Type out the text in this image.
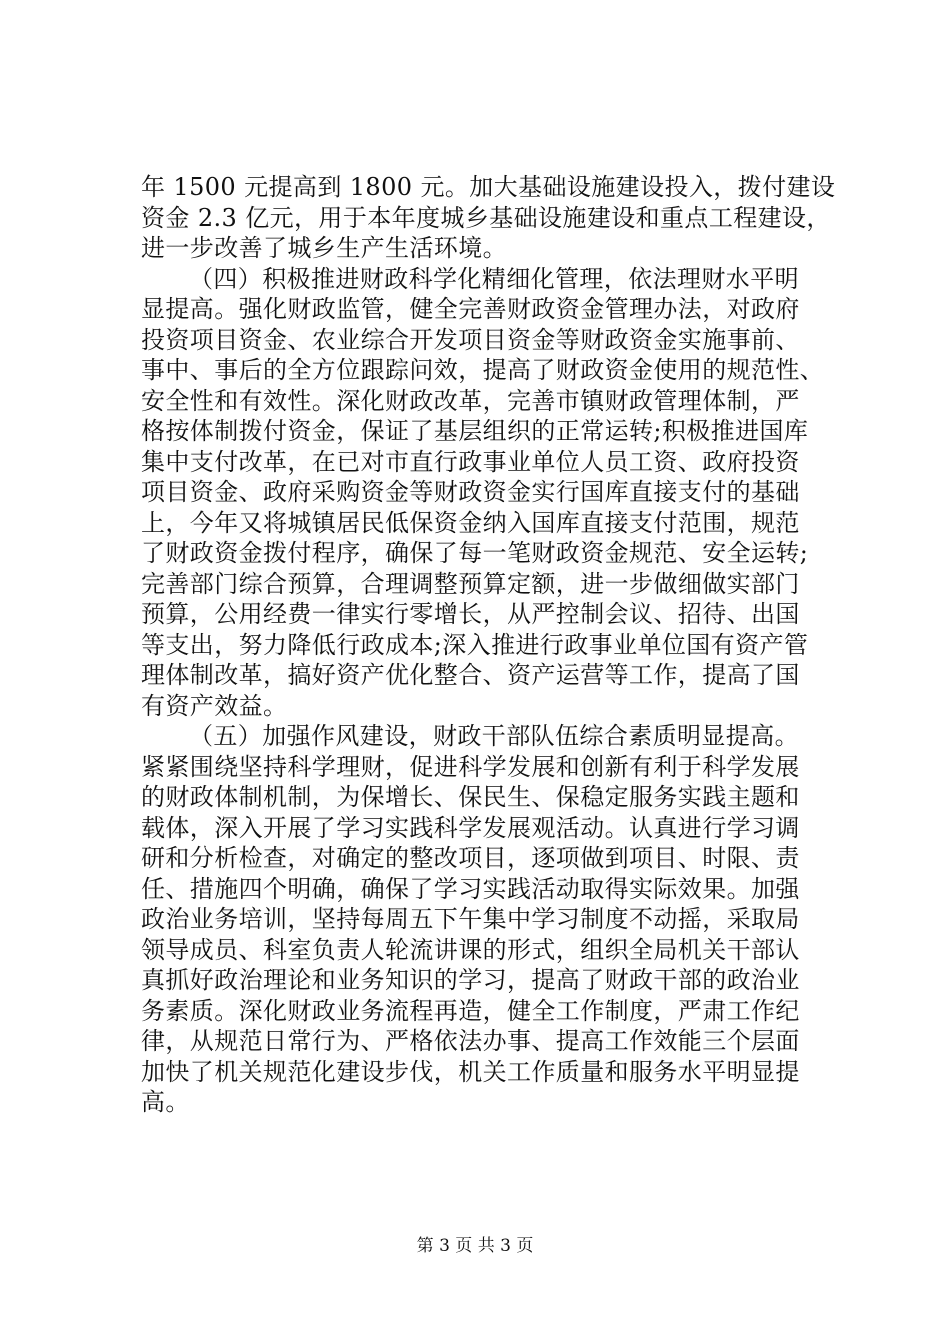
年 1500 元提高到 1800 元。加大基础设施建设投入，拨付建设
资金 2.3 亿元，用于本年度城乡基础设施建设和重点工程建设，
进一步改善了城乡生产生活环境。
（四）积极推进财政科学化精细化管理，依法理财水平明
显提高。强化财政监管，健全完善财政资金管理办法，对政府
投资项目资金、农业综合开发项目资金等财政资金实施事前、
事中、事后的全方位跟踪问效，提高了财政资金使用的规范性、
安全性和有效性。深化财政改革，完善市镇财政管理体制，严
格按体制拨付资金，保证了基层组织的正常运转;积极推进国库
集中支付改革，在已对市直行政事业单位人员工资、政府投资
项目资金、政府采购资金等财政资金实行国库直接支付的基础
上，今年又将城镇居民低保资金纳入国库直接支付范围，规范
了财政资金拨付程序，确保了每一笔财政资金规范、安全运转;
完善部门综合预算，合理调整预算定额，进一步做细做实部门
预算，公用经费一律实行零增长，从严控制会议、招待、出国
等支出，努力降低行政成本;深入推进行政事业单位国有资产管
理体制改革，搞好资产优化整合、资产运营等工作，提高了国
有资产效益。
（五）加强作风建设，财政干部队伍综合素质明显提高。
紧紧围绕坚持科学理财，促进科学发展和创新有利于科学发展
的财政体制机制，为保增长、保民生、保稳定服务实践主题和
载体，深入开展了学习实践科学发展观活动。认真进行学习调
研和分析检查，对确定的整改项目，逐项做到项目、时限、责
任、措施四个明确，确保了学习实践活动取得实际效果。加强
政治业务培训，坚持每周五下午集中学习制度不动摇，采取局
领导成员、科室负责人轮流讲课的形式，组织全局机关干部认
真抓好政治理论和业务知识的学习，提高了财政干部的政治业
务素质。深化财政业务流程再造，健全工作制度，严肃工作纪
律，从规范日常行为、严格依法办事、提高工作效能三个层面
加快了机关规范化建设步伐，机关工作质量和服务水平明显提
高。
第 3 页 共 3 页
